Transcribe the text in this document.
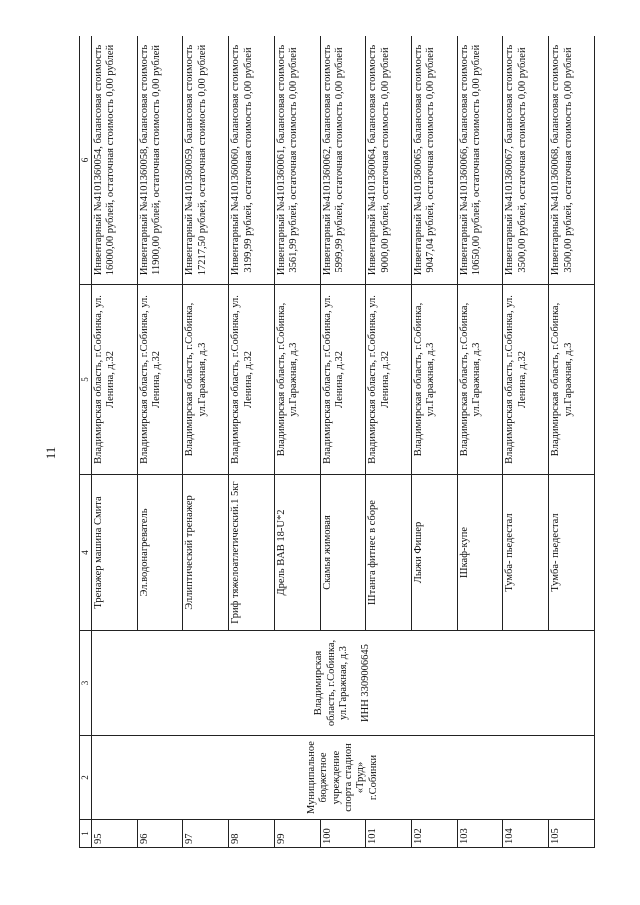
11
1	2	3	4	5	6
95	Муниципальное бюджетное учреждение спорта стадион «Труд» г.Собинки	Владимирская область, г.Собинка, ул.Гаражная, д.3 ИНН 3309006645	Тренажер машина Смита	Владимирская область, г.Собинка, ул. Ленина, д.32	Инвентарный №4101360054, балансовая стоимость 16000,00 рублей, остаточная стоимость 0,00 рублей
96			Эл.водонагреватель	Владимирская область, г.Собинка, ул. Ленина, д.32	Инвентарный №4101360058, балансовая стоимость 11900,00 рублей, остаточная стоимость 0,00 рублей
97			Эллиптический тренажер	Владимирская область, г.Собинка, ул.Гаражная, д.3	Инвентарный №4101360059, балансовая стоимость 17217,50 рублей, остаточная стоимость 0,00 рублей
98			Гриф тяжелоатлетический.1 5кг	Владимирская область, г.Собинка, ул. Ленина, д.32	Инвентарный №4101360060, балансовая стоимость 3199,99 рублей, остаточная стоимость 0,00 рублей
99			Дрель BAB 18-U*2	Владимирская область, г.Собинка, ул.Гаражная, д.3	Инвентарный №4101360061, балансовая стоимость 3561,99 рублей, остаточная стоимость 0,00 рублей
100			Скамья жимовая	Владимирская область, г.Собинка, ул. Ленина, д.32	Инвентарный №4101360062, балансовая стоимость 5999,99 рублей, остаточная стоимость 0,00 рублей
101			Штанга фитнес в сборе	Владимирская область, г.Собинка, ул. Ленина, д.32	Инвентарный №4101360064, балансовая стоимость 9000,00 рублей, остаточная стоимость 0,00 рублей
102			Лыжи Фишер	Владимирская область, г.Собинка, ул.Гаражная, д.3	Инвентарный №4101360065, балансовая стоимость 9047,04 рублей, остаточная стоимость 0,00 рублей
103			Шкаф-купе	Владимирская область, г.Собинка, ул.Гаражная, д.3	Инвентарный №4101360066, балансовая стоимость 10650,00 рублей, остаточная стоимость 0,00 рублей
104			Тумба- пьедестал	Владимирская область, г.Собинка, ул. Ленина, д.32	Инвентарный №4101360067, балансовая стоимость 3500,00 рублей, остаточная стоимость 0,00 рублей
105			Тумба- пьедестал	Владимирская область, г.Собинка, ул.Гаражная, д.3	Инвентарный №4101360068, балансовая стоимость 3500,00 рублей, остаточная стоимость 0,00 рублей
